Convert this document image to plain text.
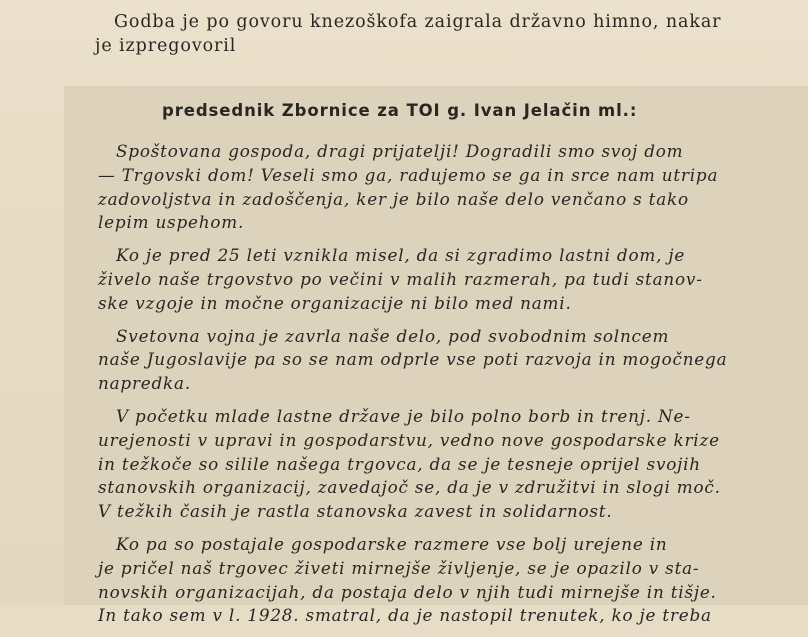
Godba je po govoru knezoškofa zaigrala državno himno, nakar
je izpregovoril
predsednik Zbornice za TOI g. Ivan Jelačin ml.:
Spoštovana gospoda, dragi prijatelji! Dogradili smo svoj dom
— Trgovski dom! Veseli smo ga, radujemo se ga in srce nam utripa
zadovoljstva in zadoščenja, ker je bilo naše delo venčano s tako
lepim uspehom.
Ko je pred 25 leti vznikla misel, da si zgradimo lastni dom, je
živelo naše trgovstvo po večini v malih razmerah, pa tudi stanov-
ske vzgoje in močne organizacije ni bilo med nami.
Svetovna vojna je zavrla naše delo, pod svobodnim solncem
naše Jugoslavije pa so se nam odprle vse poti razvoja in mogočnega
napredka.
V početku mlade lastne države je bilo polno borb in trenj. Ne-
urejenosti v upravi in gospodarstvu, vedno nove gospodarske krize
in težkoče so silile našega trgovca, da se je tesneje oprijel svojih
stanovskih organizacij, zavedajoč se, da je v združitvi in slogi moč.
V težkih časih je rastla stanovska zavest in solidarnost.
Ko pa so postajale gospodarske razmere vse bolj urejene in
je pričel naš trgovec živeti mirnejše življenje, se je opazilo v sta-
novskih organizacijah, da postaja delo v njih tudi mirnejše in tišje.
In tako sem v l. 1928. smatral, da je nastopil trenutek, ko je treba
